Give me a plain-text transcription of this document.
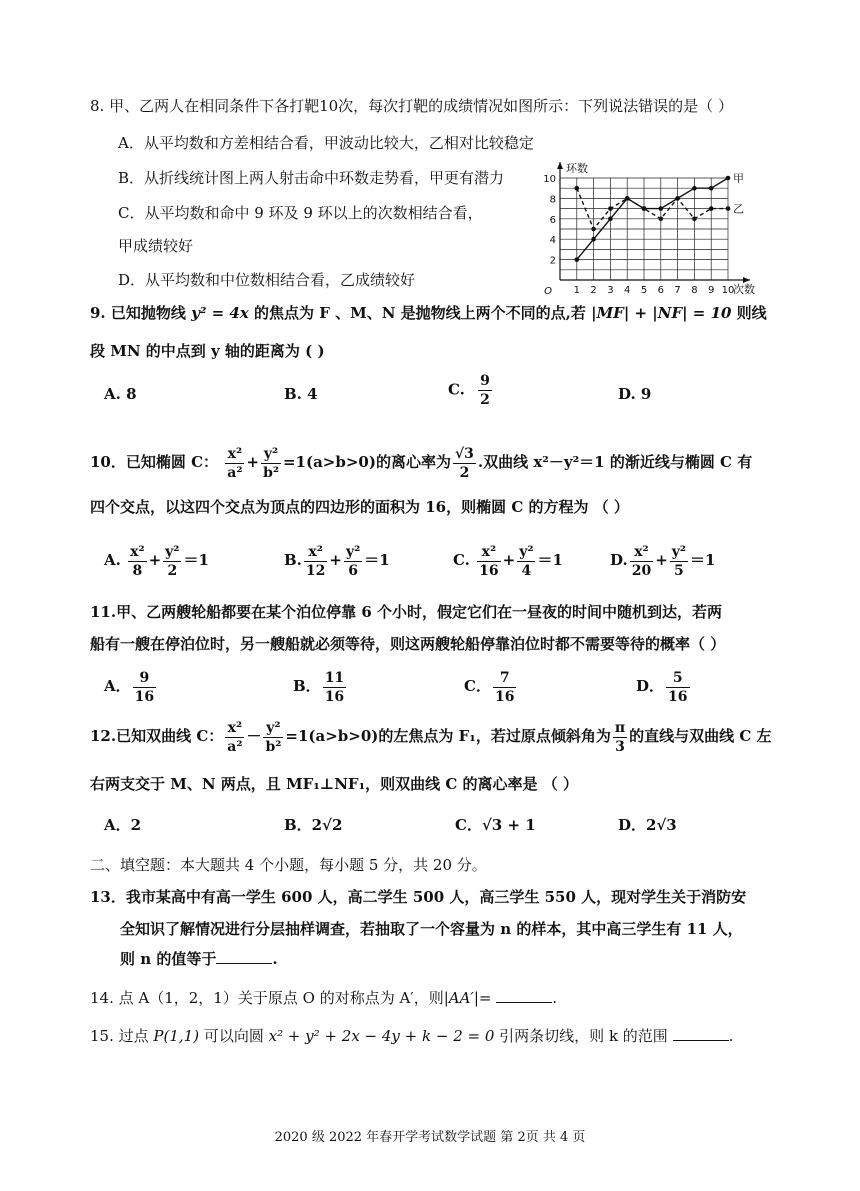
8. 甲、乙两人在相同条件下各打靶10次，每次打靶的成绩情况如图所示：下列说法错误的是（ ）
A．从平均数和方差相结合看，甲波动比较大，乙相对比较稳定
B．从折线统计图上两人射击命中环数走势看，甲更有潜力
C．从平均数和命中 9 环及 9 环以上的次数相结合看，
甲成绩较好
D．从平均数和中位数相结合看，乙成绩较好
1 2 3 4 5 6 7 8 9 10
2
4
6
8
10
O	次数
环数
甲
乙
9. 已知抛物线 y² = 4x 的焦点为 F 、M、N 是抛物线上两个不同的点,若 |MF| + |NF| = 10 则线
段 MN 的中点到 y 轴的距离为 ( )
A. 8	B. 4	C. $\frac{9}{2}$	D. 9
10．已知椭圆 C： $\frac{\text{x²}}{\text{a²}} + \frac{\text{y²}}{\text{b²}} =1(a>b>0)$的离心率为 $\frac{√3}{2}$ .双曲线 x²－y²＝1 的渐近线与椭圆 C 有
四个交点，以这四个交点为顶点的四边形的面积为 16，则椭圆 C 的方程为 （ ）
A. $\frac{\text{x²}}{8} + \frac{\text{y²}}{2} =1$	B. $\frac{\text{x²}}{12} + \frac{\text{y²}}{6} =1$	C. $\frac{\text{x²}}{16} + \frac{\text{y²}}{4} =1$	D. $\frac{\text{x²}}{20} + \frac{\text{y²}}{5} =1$
11.甲、乙两艘轮船都要在某个泊位停靠 6 个小时，假定它们在一昼夜的时间中随机到达，若两
船有一艘在停泊位时，另一艘船就必须等待，则这两艘轮船停靠泊位时都不需要等待的概率（ ）
A． $\frac{9}{16}$	B． $\frac{11}{16}$	C． $\frac{7}{16}$	D． $\frac{5}{16}$
12.已知双曲线 C： $\frac{\text{x²}}{\text{a²}} - \frac{\text{y²}}{\text{b²}} =1(a>b>0)$的左焦点为 F₁，若过原点倾斜角为 $\frac{\pi}{3}$ 的直线与双曲线 C 左
右两支交于 M、N 两点，且 MF₁⊥NF₁，则双曲线 C 的离心率是 （ ）
A．2	B．2√2	C．√3 + 1	D．2√3
二、填空题：本大题共 4 个小题，每小题 5 分，共 20 分。
13．我市某高中有高一学生 600 人，高二学生 500 人，高三学生 550 人，现对学生关于消防安
全知识了解情况进行分层抽样调查，若抽取了一个容量为 n 的样本，其中高三学生有 11 人，
则 n 的值等于	.
14. 点 A（1，2，1）关于原点 O 的对称点为 A′，则|AA′|=	.
15. 过点 P(1,1) 可以向圆 x² + y² + 2x − 4y + k − 2 = 0 引两条切线，则 k 的范围	.
2020 级 2022 年春开学考试数学试题 第 2页 共 4 页
